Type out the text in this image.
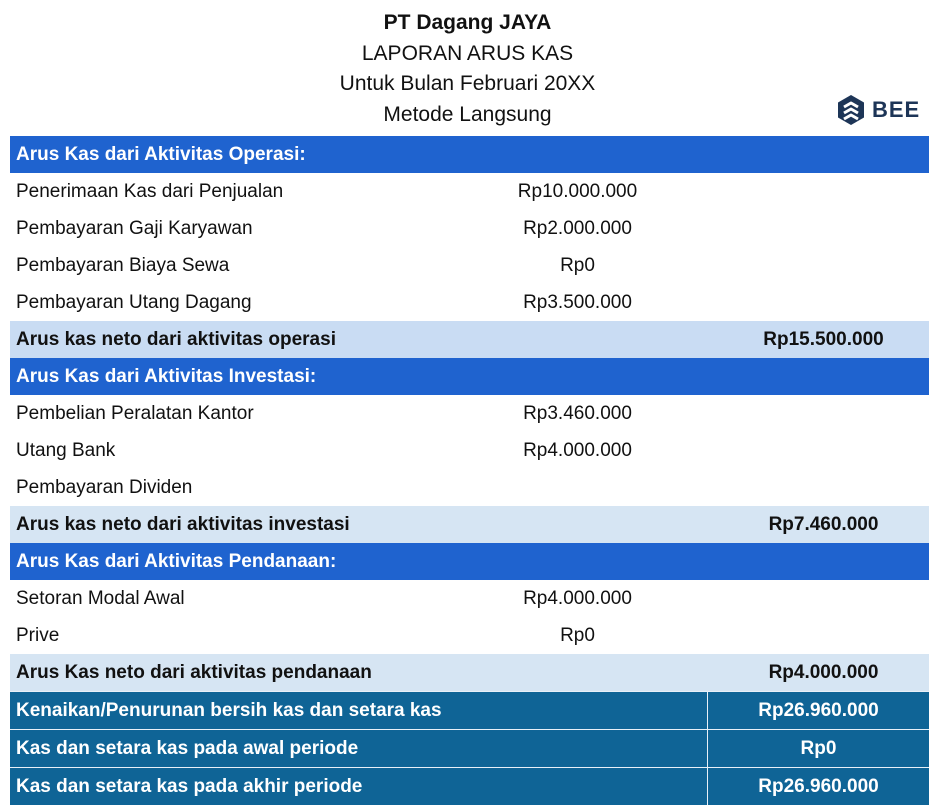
PT Dagang JAYA
LAPORAN ARUS KAS
Untuk Bulan Februari 20XX
Metode Langsung	BEE
Arus Kas dari Aktivitas Operasi:
Penerimaan Kas dari Penjualan	Rp10.000.000
Pembayaran Gaji Karyawan	Rp2.000.000
Pembayaran Biaya Sewa	Rp0
Pembayaran Utang Dagang	Rp3.500.000
Arus kas neto dari aktivitas operasi	Rp15.500.000
Arus Kas dari Aktivitas Investasi:
Pembelian Peralatan Kantor	Rp3.460.000
Utang Bank	Rp4.000.000
Pembayaran Dividen
Arus kas neto dari aktivitas investasi	Rp7.460.000
Arus Kas dari Aktivitas Pendanaan:
Setoran Modal Awal	Rp4.000.000
Prive	Rp0
Arus Kas neto dari aktivitas pendanaan	Rp4.000.000
Kenaikan/Penurunan bersih kas dan setara kas	Rp26.960.000
Kas dan setara kas pada awal periode	Rp0
Kas dan setara kas pada akhir periode	Rp26.960.000
